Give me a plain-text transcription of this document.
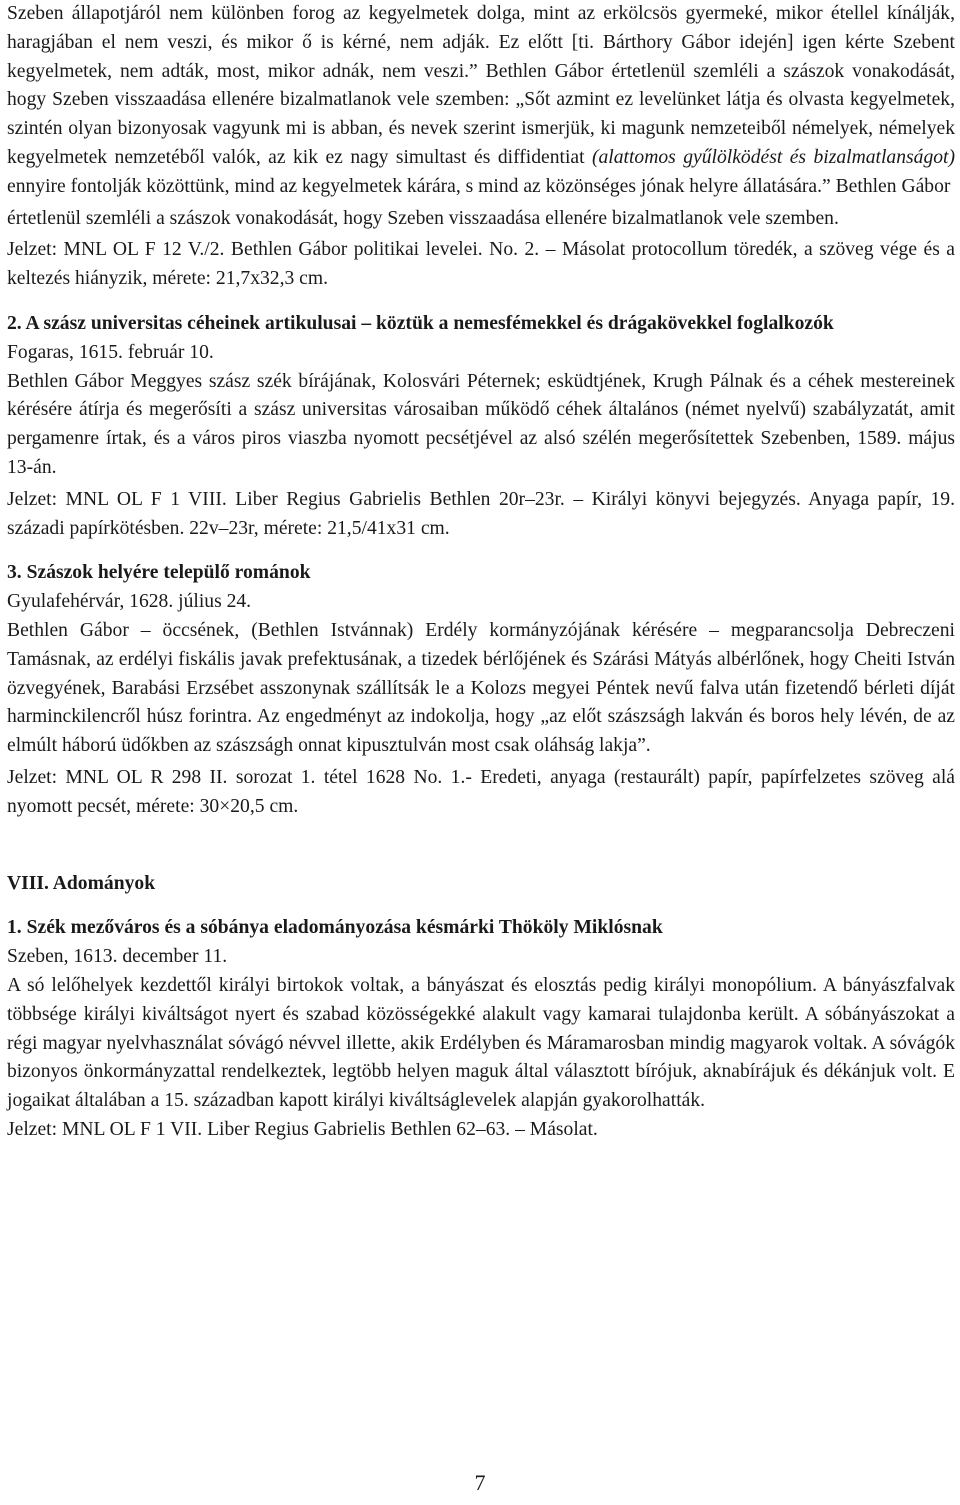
Szeben állapotjáról nem különben forog az kegyelmetek dolga, mint az erkölcsös gyermeké, mikor étellel kínálják, haragjában el nem veszi, és mikor ő is kérné, nem adják. Ez előtt [ti. Bárthory Gábor idején] igen kérte Szebent kegyelmetek, nem adták, most, mikor adnák, nem veszi.” Bethlen Gábor értetlenül szemléli a szászok vonakodását, hogy Szeben visszaadása ellenére bizalmatlanok vele szemben: „Sőt azmint ez levelünket látja és olvasta kegyelmetek, szintén olyan bizonyosak vagyunk mi is abban, és nevek szerint ismerjük, ki magunk nemzeteiből némelyek, némelyek kegyelmetek nemzetéből valók, az kik ez nagy simultast és diffidentiat (alattomos gyűlölködést és bizalmatlanságot) ennyire fontolják közöttünk, mind az kegyelmetek kárára, s mind az közönséges jónak helyre állatására.” Bethlen Gábor

értetlenül szemléli a szászok vonakodását, hogy Szeben visszaadása ellenére bizalmatlanok vele szemben.

Jelzet: MNL OL F 12 V./2. Bethlen Gábor politikai levelei. No. 2. – Másolat protocollum töredék, a szöveg vége és a keltezés hiányzik, mérete: 21,7x32,3 cm.

2. A szász universitas céheinek artikulusai – köztük a nemesfémekkel és drágakövekkel foglalkozók

Fogaras, 1615. február 10.

Bethlen Gábor Meggyes szász szék bírájának, Kolosvári Péternek; esküdtjének, Krugh Pálnak és a céhek mestereinek kérésére átírja és megerősíti a szász universitas városaiban működő céhek általános (német nyelvű) szabályzatát, amit pergamenre írtak, és a város piros viaszba nyomott pecsétjével az alsó szélén megerősítettek Szebenben, 1589. május 13-án.

Jelzet: MNL OL F 1 VIII. Liber Regius Gabrielis Bethlen 20r–23r. – Királyi könyvi bejegyzés. Anyaga papír, 19. századi papírkötésben. 22v–23r, mérete: 21,5/41x31 cm.

3. Szászok helyére települő románok

Gyulafehérvár, 1628. július 24.

Bethlen Gábor – öccsének, (Bethlen Istvánnak) Erdély kormányzójának kérésére – megparancsolja Debreczeni Tamásnak, az erdélyi fiskális javak prefektusának, a tizedek bérlőjének és Szárási Mátyás albérlőnek, hogy Cheiti István özvegyének, Barabási Erzsébet asszonynak szállítsák le a Kolozs megyei Péntek nevű falva után fizetendő bérleti díját harminckilencről húsz forintra. Az engedményt az indokolja, hogy „az előt szászságh lakván és boros hely lévén, de az elmúlt háború üdőkben az szászságh onnat kipusztulván most csak oláhság lakja”.

Jelzet: MNL OL R 298 II. sorozat 1. tétel 1628 No. 1.- Eredeti, anyaga (restaurált) papír, papírfelzetes szöveg alá nyomott pecsét, mérete: 30×20,5 cm.

VIII. Adományok

1. Szék mezőváros és a sóbánya eladományozása késmárki Thököly Miklósnak

Szeben, 1613. december 11.

A só lelőhelyek kezdettől királyi birtokok voltak, a bányászat és elosztás pedig királyi monopólium. A bányászfalvak többsége királyi kiváltságot nyert és szabad közösségekké alakult vagy kamarai tulajdonba került. A sóbányászokat a régi magyar nyelvhasználat sóvágó névvel illette, akik Erdélyben és Máramarosban mindig magyarok voltak. A sóvágók bizonyos önkormányzattal rendelkeztek, legtöbb helyen maguk által választott bírójuk, aknabírájuk és dékánjuk volt. E jogaikat általában a 15. században kapott királyi kiváltságlevelek alapján gyakorolhatták.

Jelzet: MNL OL F 1 VII. Liber Regius Gabrielis Bethlen 62–63. – Másolat.

7
